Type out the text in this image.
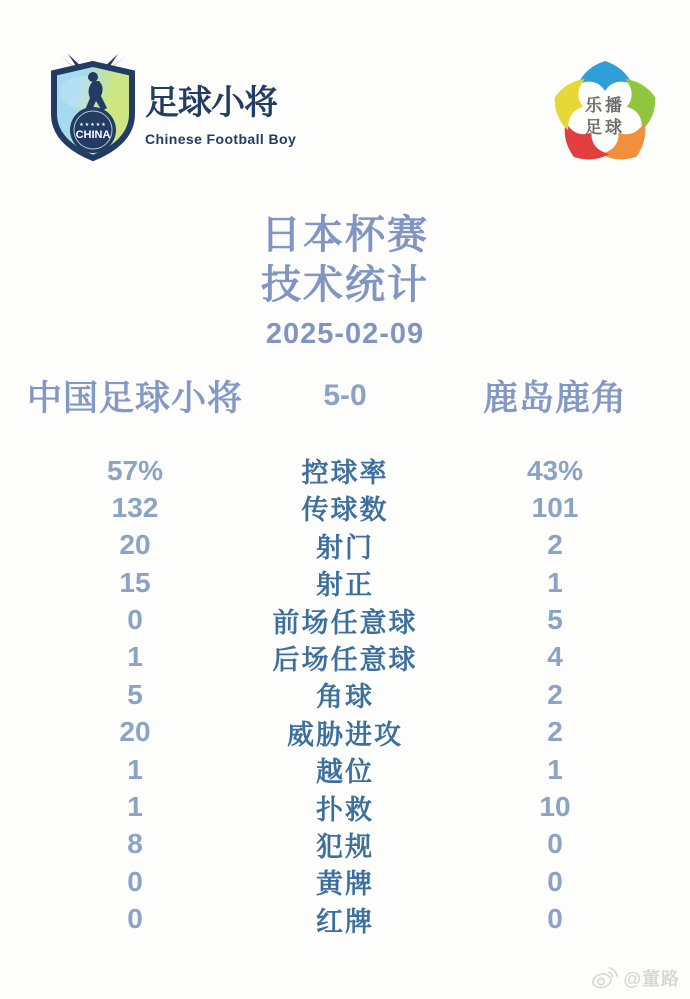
★★★★★
CHINA
足球小将
Chinese Football Boy
乐播
足球
日本杯赛
技术统计
2025-02-09
中国足球小将	5-0	鹿岛鹿角
57%	控球率	43%
132	传球数	101
20	射门	2
15	射正	1
0	前场任意球	5
1	后场任意球	4
5	角球	2
20	威胁进攻	2
1	越位	1
1	扑救	10
8	犯规	0
0	黄牌	0
0	红牌	0
@董路
